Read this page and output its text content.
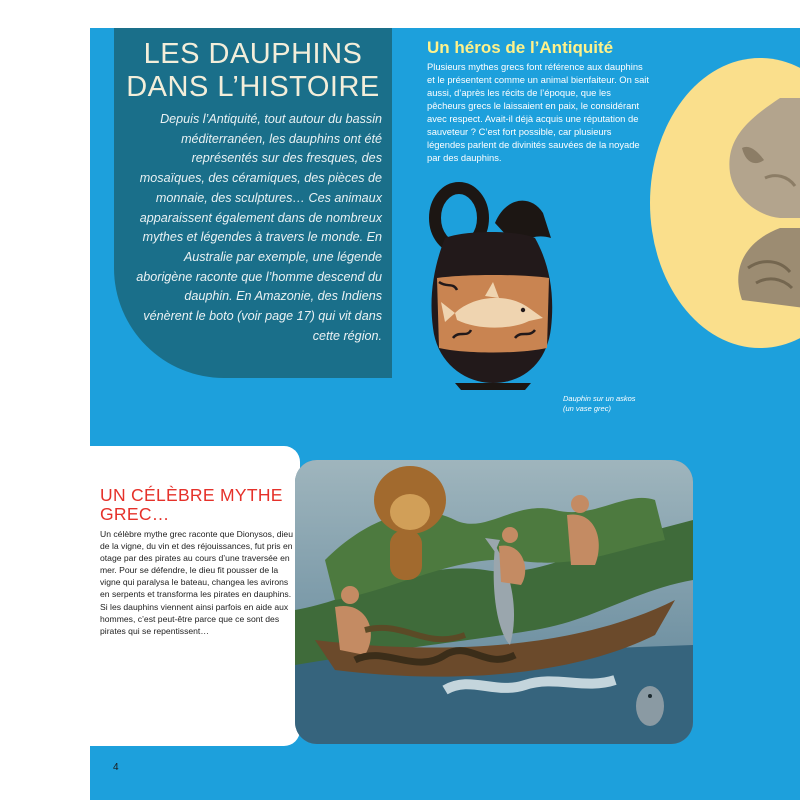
LES DAUPHINS DANS L’HISTOIRE

Depuis l’Antiquité, tout autour du bassin méditerranéen, les dauphins ont été représentés sur des fresques, des mosaïques, des céramiques, des pièces de monnaie, des sculptures… Ces animaux apparaissent également dans de nombreux mythes et légendes à travers le monde. En Australie par exemple, une légende aborigène raconte que l’homme descend du dauphin. En Amazonie, des Indiens vénèrent le boto (voir page 17) qui vit dans cette région.

Un héros de l’Antiquité

Plusieurs mythes grecs font référence aux dauphins et le présentent comme un animal bienfaiteur. On sait aussi, d’après les récits de l’époque, que les pêcheurs grecs le laissaient en paix, le considérant avec respect. Avait-il déjà acquis une réputation de sauveteur ? C’est fort possible, car plusieurs légendes parlent de divinités sauvées de la noyade par des dauphins.

Dauphin sur un askos (un vase grec)

UN CÉLÈBRE MYTHE GREC…

Un célèbre mythe grec raconte que Dionysos, dieu de la vigne, du vin et des réjouissances, fut pris en otage par des pirates au cours d’une traversée en mer. Pour se défendre, le dieu fit pousser de la vigne qui paralysa le bateau, changea les avirons en serpents et transforma les pirates en dauphins. Si les dauphins viennent ainsi parfois en aide aux hommes, c’est peut-être parce que ce sont des pirates qui se repentissent…

4
